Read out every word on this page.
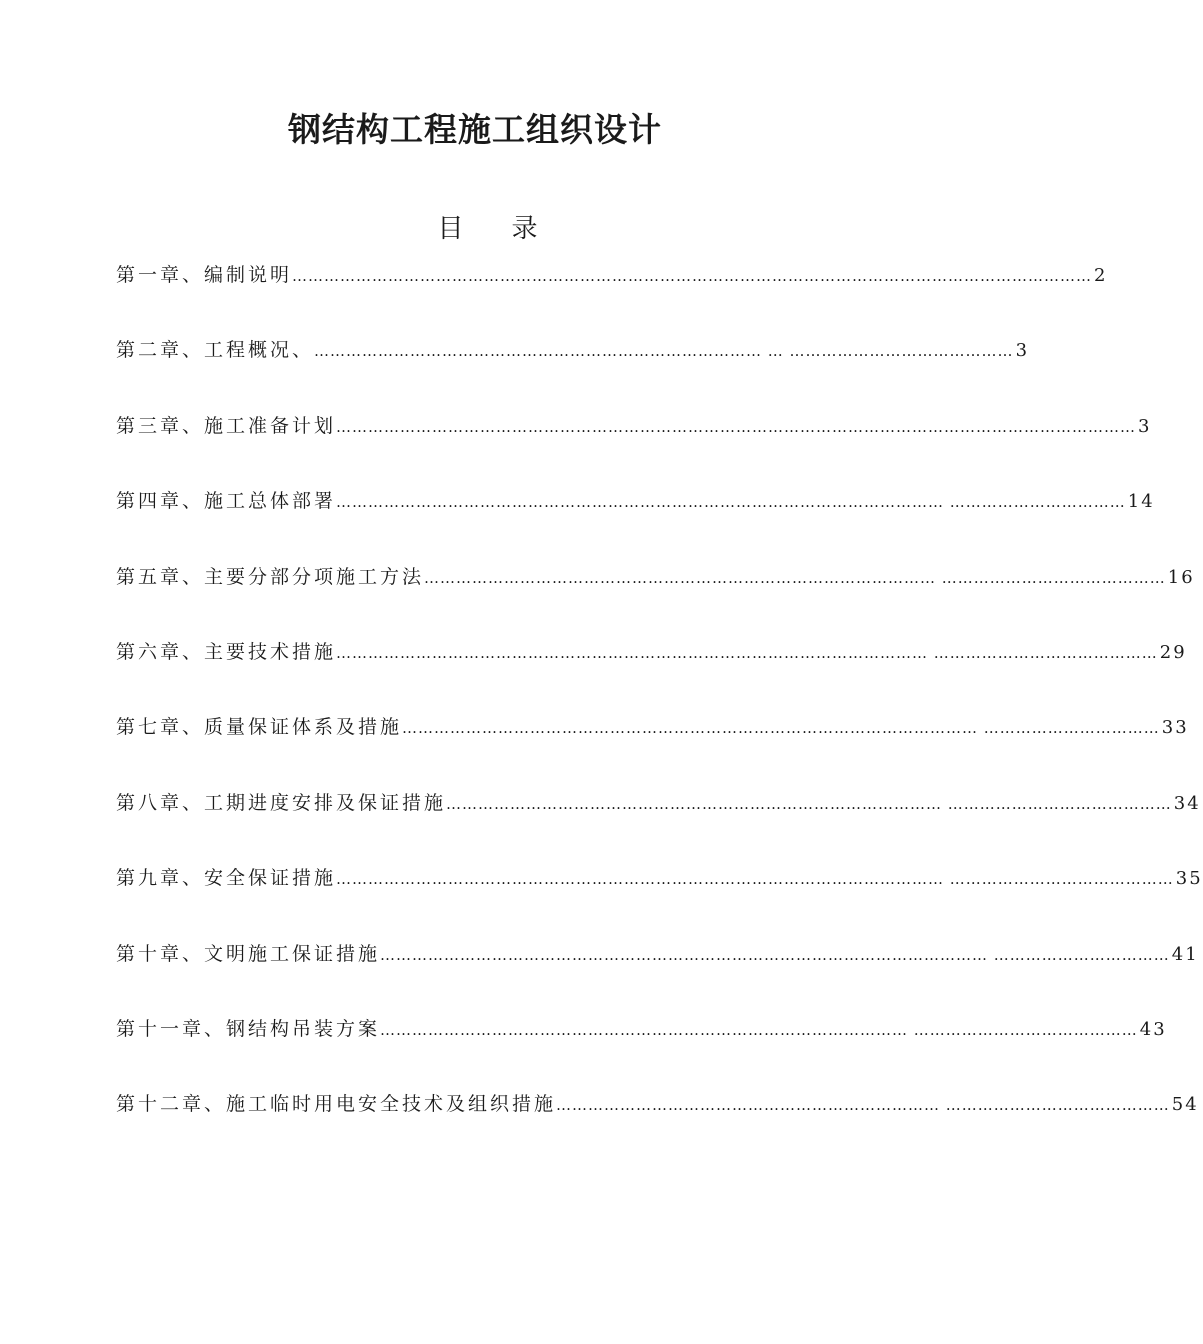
钢结构工程施工组织设计
目 录
第一章、编制说明 …………………………………………………………………………………………………………………………………… 2
第二章、工程概况、 ………………………………………………………………………… … …………………………………… 3
第三章、施工准备计划 …………………………………………………………………………………………………………………………………… 3
第四章、施工总体部署 …………………………………………………………………………………………………… …………………………… 14
第五章、主要分部分项施工方法 …………………………………………………………………………………… …………………………………… 16
第六章、主要技术措施 ………………………………………………………………………………………………… …………………………………… 29
第七章、质量保证体系及措施 ……………………………………………………………………………………………… …………………………… 33
第八章、工期进度安排及保证措施 ………………………………………………………………………………… …………………………………… 34
第九章、安全保证措施 …………………………………………………………………………………………………… …………………………………… 35
第十章、文明施工保证措施 …………………………………………………………………………………………………… …………………………… 41
第十一章、钢结构吊装方案 ……………………………………………………………………………………… …………………………………… 43
第十二章、施工临时用电安全技术及组织措施 ……………………………………………………………… …………………………………… 54
